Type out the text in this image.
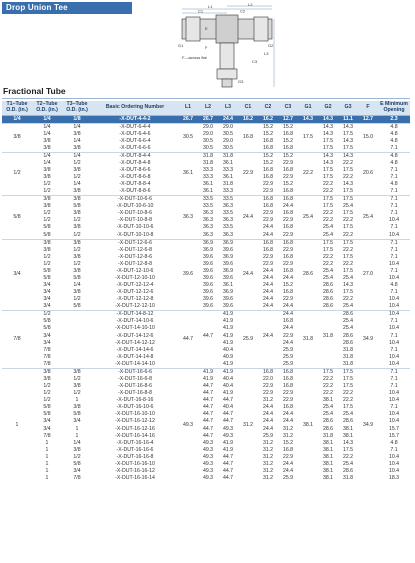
Drop Union Tee	L1	L2
L3
E
C1	C2
C3
F
G3
G1	G2
F—across flat
Fractional Tube
T1–Tube O.D. (in.)	T2–Tube O.D. (in.)	T3–Tube O.D. (in.)	Basic Ordering Number	L1	L2	L3	C1	C2	C3	G1	G2	G3	F	E Minimum Opening
1/4	1/4	1/8	-X-DUT-4-4-2	26.7	26.7	24.4	16.2	16.2	12.7	14.3	14.3	11.1	12.7	2.3
3/8	1/4	1/4	-X-DUT-6-4-4	30.5	29.0	29.0	16.8	15.2	15.2	17.5	14.3	14.3	15.0	4.8
	1/4	3/8	-X-DUT-6-4-6		29.0	30.5		15.2	16.8		14.3	17.5		4.8
	3/8	1/4	-X-DUT-6-6-4		30.5	29.0		16.8	15.2		17.5	14.3		4.8
	3/8	3/8	-X-DUT-6-6-6		30.5	30.5		16.8	16.8		17.5	17.5		7.1
1/2	1/4	1/4	-X-DUT-8-4-4	36.1	31.8	31.8	22.9	15.2	15.2	22.2	14.3	14.3	20.6	4.8
	1/4	1/2	-X-DUT-8-4-8		31.8	36.1		15.2	22.9		14.3	22.2		4.8
	3/8	3/8	-X-DUT-8-6-6		33.3	33.3		16.8	16.8		17.5	17.5		7.1
	3/8	1/2	-X-DUT-8-6-8		33.3	36.1		16.8	22.9		17.5	22.2		7.1
	1/2	1/4	-X-DUT-8-8-4		36.1	31.8		22.9	15.2		22.2	14.3		4.8
	1/2	3/8	-X-DUT-8-8-6		36.1	33.3		22.9	16.8		22.2	17.5		7.1
5/8	3/8	3/8	-X-DUT-10-6-6	36.3	33.5	33.5	24.4	16.8	16.8	25.4	17.5	17.5	25.4	7.1
	3/8	5/8	-X-DUT-10-6-10		33.5	36.3		16.8	24.4		17.5	25.4		7.1
	1/2	3/8	-X-DUT-10-8-6		36.3	33.5		22.9	16.8		22.2	17.5		7.1
	1/2	1/2	-X-DUT-10-8-8		36.3	36.3		22.9	22.9		22.2	22.2		10.4
	5/8	3/8	-X-DUT-10-10-6		36.3	33.5		24.4	16.8		25.4	17.5		7.1
	5/8	1/2	-X-DUT-10-10-8		36.3	36.3		24.4	22.9		25.4	22.2		10.4
3/4	3/8	3/8	-X-DUT-12-6-6	39.6	36.9	36.9	24.4	16.8	16.8	28.6	17.5	17.5	27.0	7.1
	3/8	1/2	-X-DUT-12-6-8		36.9	39.6		16.8	22.9		17.5	22.2		7.1
	1/2	3/8	-X-DUT-12-8-6		39.6	36.9		22.9	16.8		22.2	17.5		7.1
	1/2	1/2	-X-DUT-12-8-8		39.6	39.6		22.9	22.9		22.2	22.2		10.4
	5/8	3/8	-X-DUT-12-10-6		39.6	36.9		24.4	16.8		25.4	17.5		7.1
	5/8	5/8	-X-DUT-12-10-10		39.6	39.6		24.4	24.4		25.4	25.4		10.4
	3/4	1/4	-X-DUT-12-12-4		39.6	36.1		24.4	15.2		28.6	14.3		4.8
	3/4	3/8	-X-DUT-12-12-6		39.6	36.9		24.4	16.8		28.6	17.5		7.1
	3/4	1/2	-X-DUT-12-12-8		39.6	39.6		24.4	22.9		28.6	22.2		10.4
	3/4	5/8	-X-DUT-12-12-10		39.6	39.6		24.4	24.4		28.6	25.4		10.4
7/8	1/2		-X-DUT-14-8-12	44.7		41.9	25.9		24.4	31.8		28.6	34.9	10.4
	5/8		-X-DUT-14-10-6			41.9			16.8			25.4		7.1
	5/8		-X-DUT-14-10-10			41.9			24.4			25.4		10.4
	3/4		-X-DUT-14-12-6		44.7	41.9		24.4	22.9		31.8	28.6		7.1
	3/4		-X-DUT-14-12-12			41.9			24.4			28.6		10.4
	7/8		-X-DUT-14-14-6			40.4			25.9			31.8		7.1
	7/8		-X-DUT-14-14-8			40.9			25.9			31.8		10.4
	7/8		-X-DUT-14-14-10			41.9			25.9			31.8		10.4
1	3/8	3/8	-X-DUT-16-6-6	49.3	41.9	41.9	31.2	16.8	16.8	38.1	17.5	17.5	34.9	7.1
	3/8	1/2	-X-DUT-16-6-8		41.9	40.4		22.0	16.8		22.2	17.5		7.1
	1/2	3/8	-X-DUT-16-8-6		44.7	40.4		22.9	16.8		22.2	17.5		7.1
	1/2	1/2	-X-DUT-16-8-8		44.7	41.9		22.9	22.9		22.2	22.2		10.4
	1/2	1	-X-DUT-16-8-16		44.7	44.7		31.2	22.9		38.1	22.2		10.4
	5/8	3/8	-X-DUT-16-10-6		44.7	40.4		24.4	16.8		25.4	17.5		7.1
	5/8	5/8	-X-DUT-16-10-10		44.7	44.7		24.4	24.4		25.4	25.4		10.4
	3/4	3/4	-X-DUT-16-12-12		44.7	44.7		24.4	24.4		28.6	28.6		10.4
	3/4	1	-X-DUT-16-12-16		44.7	49.3		24.4	31.2		28.6	38.1		15.7
	7/8	1	-X-DUT-16-14-16		44.7	49.3		25.9	31.2		31.8	38.1		15.7
	1	1/4	-X-DUT-16-16-4		49.3	41.9		31.2	15.2		38.1	14.3		4.8
	1	3/8	-X-DUT-16-16-6		49.3	41.9		31.2	16.8		38.1	17.5		7.1
	1	1/2	-X-DUT-16-16-8		49.3	44.7		31.2	22.9		38.1	22.2		10.4
	1	5/8	-X-DUT-16-16-10		49.3	44.7		31.2	24.4		38.1	25.4		10.4
	1	3/4	-X-DUT-16-16-12		49.3	44.7		31.2	24.4		38.1	28.6		10.4
	1	7/8	-X-DUT-16-16-14		49.3	44.7		31.2	25.9		38.1	31.8		18.3
